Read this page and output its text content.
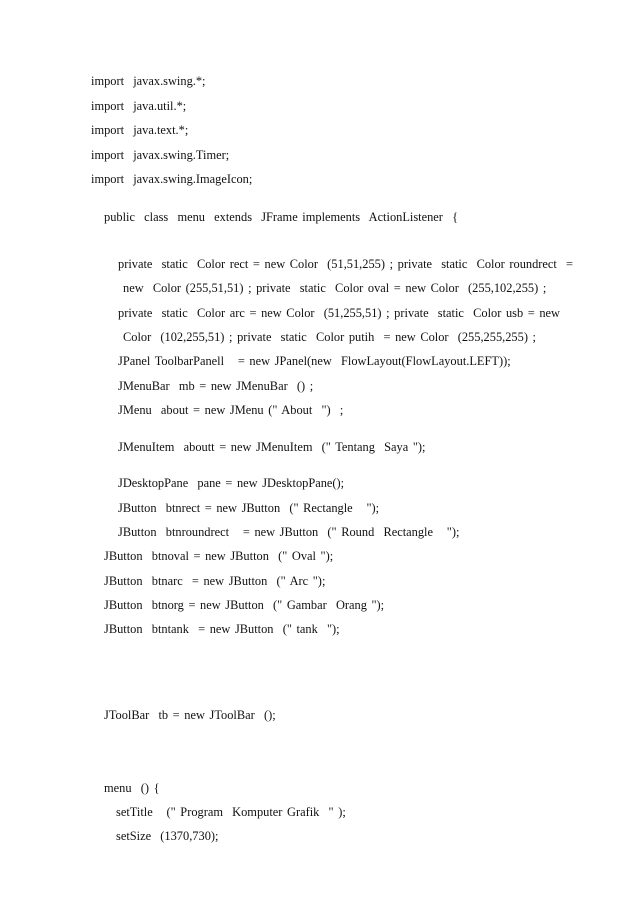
import  javax.swing.*;
import  java.util.*;
import  java.text.*;
import  javax.swing.Timer;
import  javax.swing.ImageIcon;
public  class  menu  extends  JFrame implements  ActionListener  {
private  static  Color rect = new Color  (51,51,255) ; private  static  Color roundrect  =
new  Color (255,51,51) ; private  static  Color oval = new Color  (255,102,255) ;
private  static  Color arc = new Color  (51,255,51) ; private  static  Color usb = new
Color  (102,255,51) ; private  static  Color putih  = new Color  (255,255,255) ;
JPanel ToolbarPanell   = new JPanel(new  FlowLayout(FlowLayout.LEFT));
JMenuBar  mb = new JMenuBar  () ;
JMenu  about = new JMenu (" About  ")  ;
JMenuItem  aboutt = new JMenuItem  (" Tentang  Saya ");
JDesktopPane  pane = new JDesktopPane();
JButton  btnrect = new JButton  (" Rectangle   ");
JButton  btnroundrect   = new JButton  (" Round  Rectangle   ");
JButton  btnoval = new JButton  (" Oval ");
JButton  btnarc  = new JButton  (" Arc ");
JButton  btnorg = new JButton  (" Gambar  Orang ");
JButton  btntank  = new JButton  (" tank  ");
JToolBar  tb = new JToolBar  ();
menu  () {
setTitle   (" Program  Komputer Grafik  " );
setSize  (1370,730);
